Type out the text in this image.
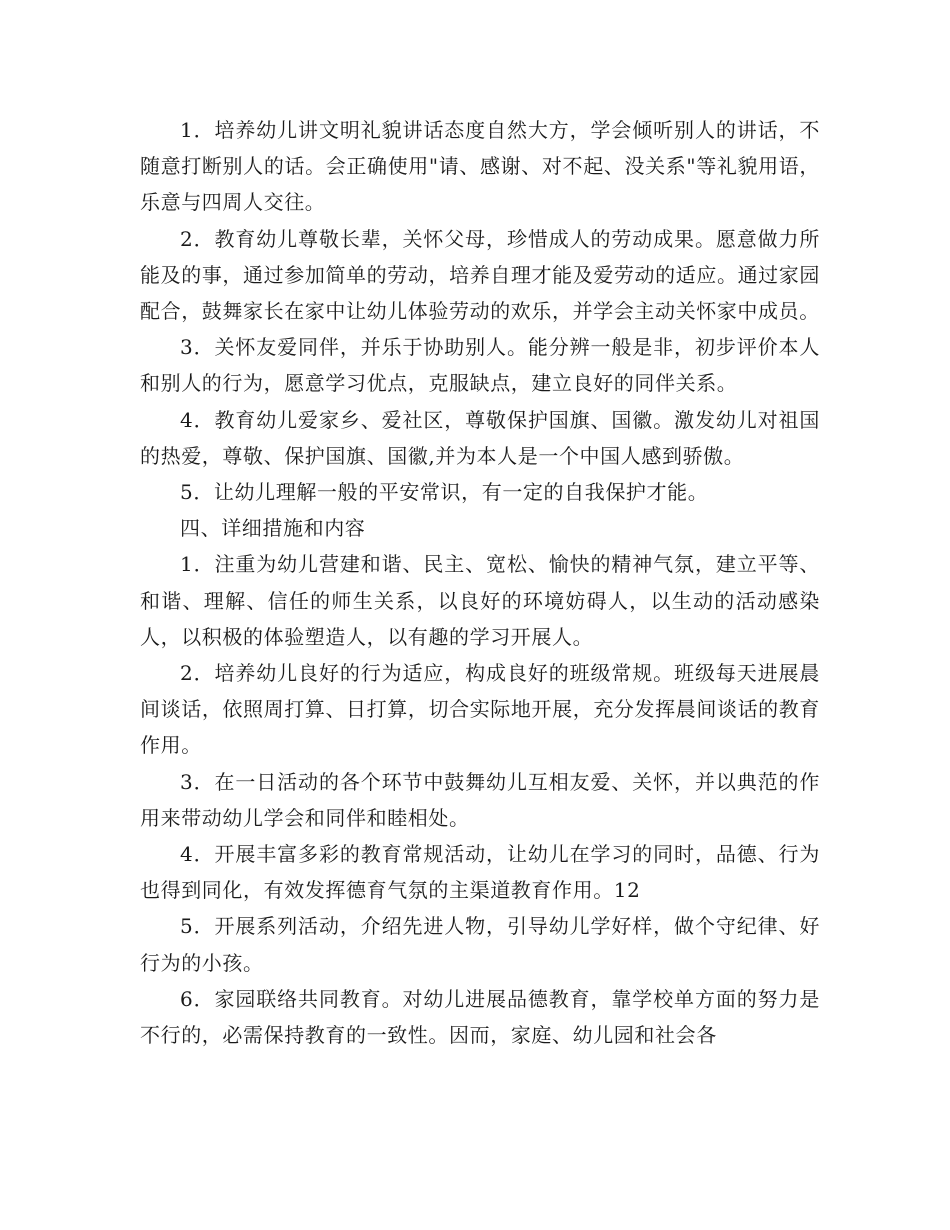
1．培养幼儿讲文明礼貌讲话态度自然大方，学会倾听别人的讲话，不随意打断别人的话。会正确使用"请、感谢、对不起、没关系"等礼貌用语，乐意与四周人交往。

2．教育幼儿尊敬长辈，关怀父母，珍惜成人的劳动成果。愿意做力所能及的事，通过参加简单的劳动，培养自理才能及爱劳动的适应。通过家园配合，鼓舞家长在家中让幼儿体验劳动的欢乐，并学会主动关怀家中成员。

3．关怀友爱同伴，并乐于协助别人。能分辨一般是非，初步评价本人和别人的行为，愿意学习优点，克服缺点，建立良好的同伴关系。

4．教育幼儿爱家乡、爱社区，尊敬保护国旗、国徽。激发幼儿对祖国的热爱，尊敬、保护国旗、国徽,并为本人是一个中国人感到骄傲。

5．让幼儿理解一般的平安常识，有一定的自我保护才能。

四、详细措施和内容

1．注重为幼儿营建和谐、民主、宽松、愉快的精神气氛，建立平等、和谐、理解、信任的师生关系，以良好的环境妨碍人，以生动的活动感染人，以积极的体验塑造人，以有趣的学习开展人。

2．培养幼儿良好的行为适应，构成良好的班级常规。班级每天进展晨间谈话，依照周打算、日打算，切合实际地开展，充分发挥晨间谈话的教育作用。

3．在一日活动的各个环节中鼓舞幼儿互相友爱、关怀，并以典范的作用来带动幼儿学会和同伴和睦相处。

4．开展丰富多彩的教育常规活动，让幼儿在学习的同时，品德、行为也得到同化，有效发挥德育气氛的主渠道教育作用。12

5．开展系列活动，介绍先进人物，引导幼儿学好样，做个守纪律、好行为的小孩。

6．家园联络共同教育。对幼儿进展品德教育，靠学校单方面的努力是不行的，必需保持教育的一致性。因而，家庭、幼儿园和社会各
